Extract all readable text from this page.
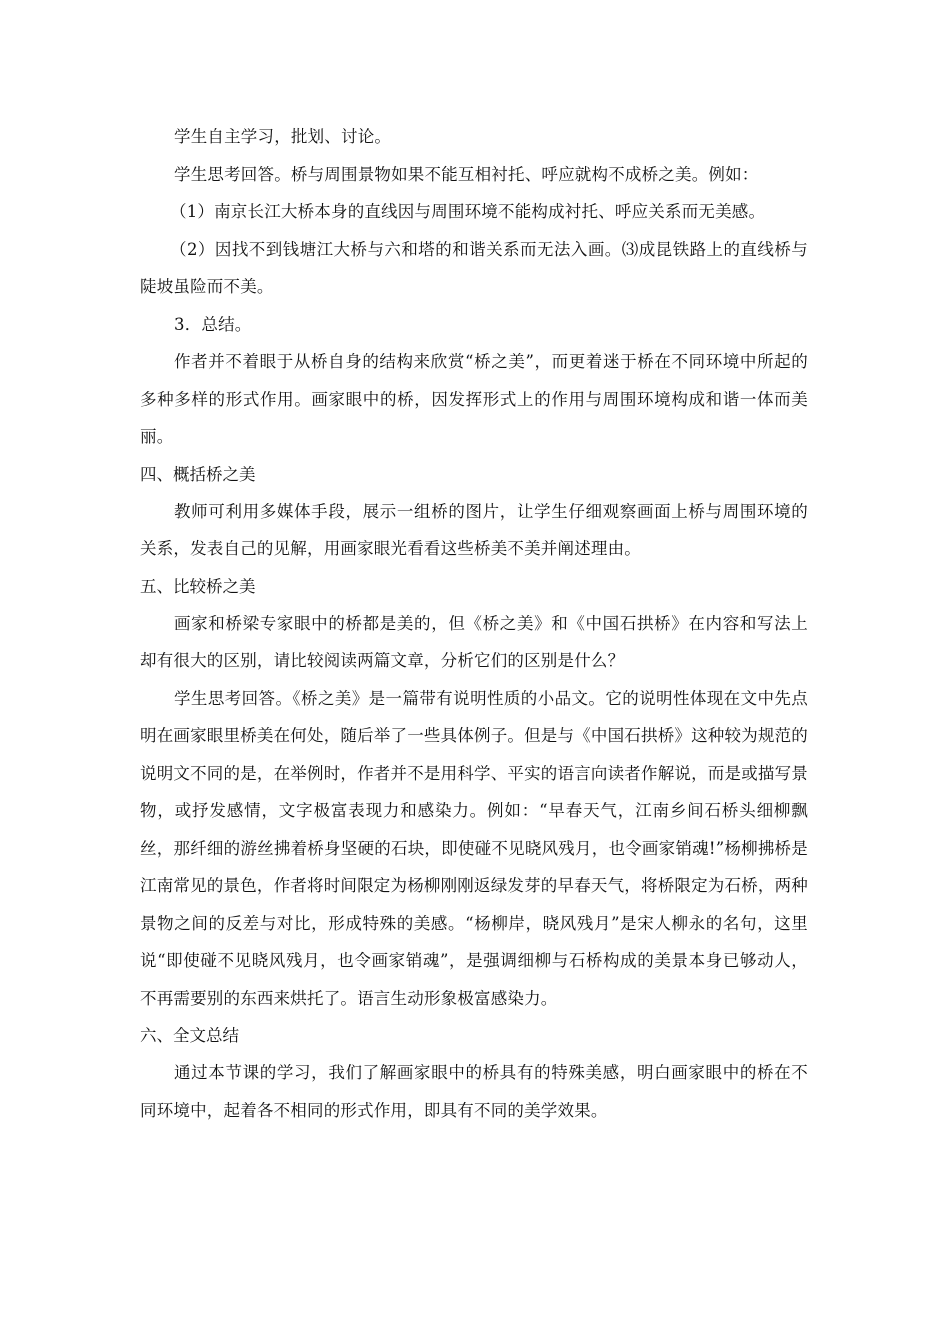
学生自主学习，批划、讨论。

学生思考回答。桥与周围景物如果不能互相衬托、呼应就构不成桥之美。例如：

（1）南京长江大桥本身的直线因与周围环境不能构成衬托、呼应关系而无美感。

（2）因找不到钱塘江大桥与六和塔的和谐关系而无法入画。⑶成昆铁路上的直线桥与陡坡虽险而不美。

3．总结。

作者并不着眼于从桥自身的结构来欣赏“桥之美”，而更着迷于桥在不同环境中所起的多种多样的形式作用。画家眼中的桥，因发挥形式上的作用与周围环境构成和谐一体而美丽。

四、概括桥之美

教师可利用多媒体手段，展示一组桥的图片，让学生仔细观察画面上桥与周围环境的关系，发表自己的见解，用画家眼光看看这些桥美不美并阐述理由。

五、比较桥之美

画家和桥梁专家眼中的桥都是美的，但《桥之美》和《中国石拱桥》在内容和写法上却有很大的区别，请比较阅读两篇文章，分析它们的区别是什么？

学生思考回答。《桥之美》是一篇带有说明性质的小品文。它的说明性体现在文中先点明在画家眼里桥美在何处，随后举了一些具体例子。但是与《中国石拱桥》这种较为规范的说明文不同的是，在举例时，作者并不是用科学、平实的语言向读者作解说，而是或描写景物，或抒发感情，文字极富表现力和感染力。例如：“早春天气，江南乡间石桥头细柳飘丝，那纤细的游丝拂着桥身坚硬的石块，即使碰不见晓风残月，也令画家销魂!”杨柳拂桥是江南常见的景色，作者将时间限定为杨柳刚刚返绿发芽的早春天气，将桥限定为石桥，两种景物之间的反差与对比，形成特殊的美感。“杨柳岸，晓风残月”是宋人柳永的名句，这里说“即使碰不见晓风残月，也令画家销魂”，是强调细柳与石桥构成的美景本身已够动人，不再需要别的东西来烘托了。语言生动形象极富感染力。

六、全文总结

通过本节课的学习，我们了解画家眼中的桥具有的特殊美感，明白画家眼中的桥在不同环境中，起着各不相同的形式作用，即具有不同的美学效果。
